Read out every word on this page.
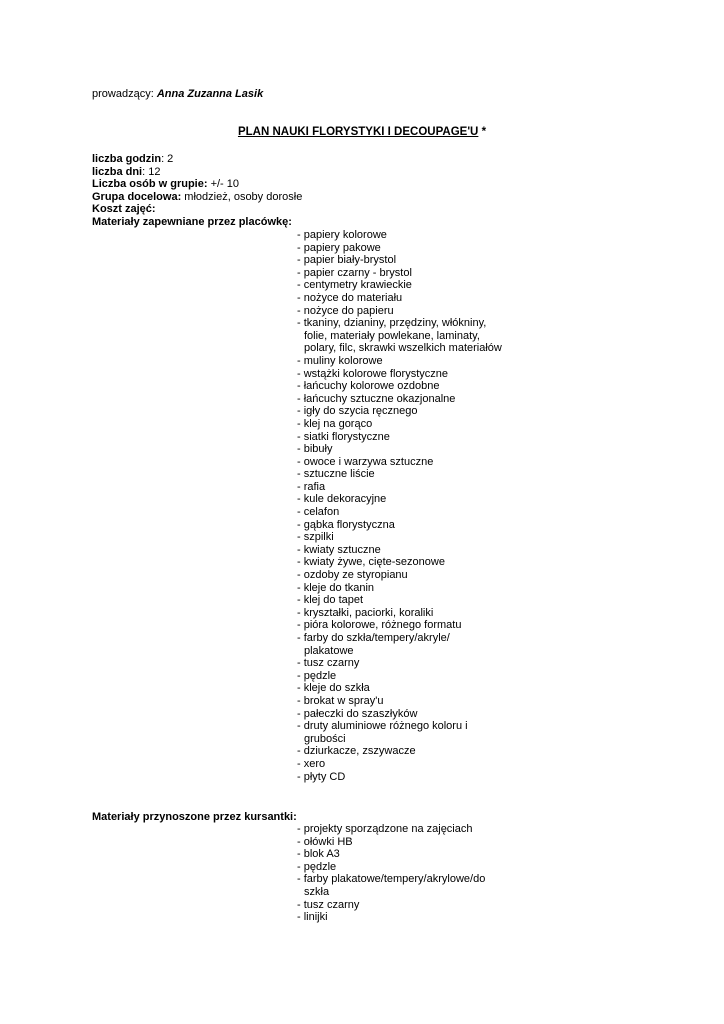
prowadzący: Anna Zuzanna Lasik
PLAN NAUKI FLORYSTYKI I DECOUPAGE'U *
liczba godzin: 2
liczba dni: 12
Liczba osób w grupie: +/- 10
Grupa docelowa: młodzież, osoby dorosłe
Koszt zajęć:
Materiały zapewniane przez placówkę:
- papiery kolorowe
- papiery pakowe
- papier biały-brystol
- papier czarny - brystol
- centymetry krawieckie
- nożyce do materiału
- nożyce do papieru
- tkaniny, dzianiny, przędziny, włókniny, folie, materiały powlekane, laminaty, polary, filc, skrawki wszelkich materiałów
- muliny kolorowe
- wstążki kolorowe florystyczne
- łańcuchy kolorowe ozdobne
- łańcuchy sztuczne okazjonalne
- igły do szycia ręcznego
- klej na gorąco
- siatki florystyczne
- bibuły
- owoce i warzywa sztuczne
- sztuczne liście
- rafia
- kule dekoracyjne
- celafon
- gąbka florystyczna
- szpilki
- kwiaty sztuczne
- kwiaty żywe, cięte-sezonowe
- ozdoby ze styropianu
- kleje do tkanin
- klej do tapet
- kryształki, paciorki, koraliki
- pióra kolorowe, różnego formatu
- farby do szkła/tempery/akryle/ plakatowe
- tusz czarny
- pędzle
- kleje do szkła
- brokat w spray'u
- pałeczki do szaszłyków
- druty aluminiowe różnego koloru i grubości
- dziurkacze, zszywacze
- xero
- płyty CD
Materiały przynoszone przez kursantki:
- projekty sporządzone na zajęciach
- ołówki HB
- blok A3
- pędzle
- farby plakatowe/tempery/akrylowe/do szkła
- tusz czarny
- linijki
